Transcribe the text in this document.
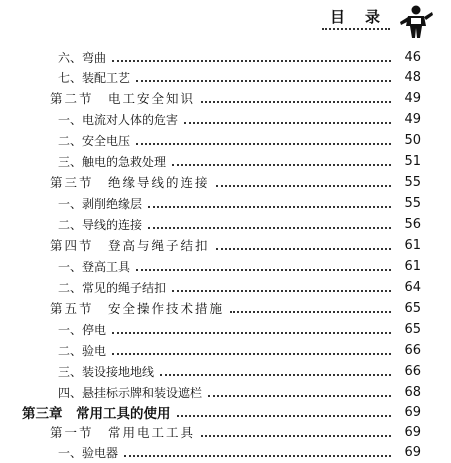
目录
六、弯曲	46
七、装配工艺	48
第二节　电工安全知识	49
一、电流对人体的危害	49
二、安全电压	50
三、触电的急救处理	51
第三节　绝缘导线的连接	55
一、剥削绝缘层	55
二、导线的连接	56
第四节　登高与绳子结扣	61
一、登高工具	61
二、常见的绳子结扣	64
第五节　安全操作技术措施	65
一、停电	65
二、验电	66
三、装设接地地线	66
四、悬挂标示牌和装设遮栏	68
第三章　常用工具的使用	69
第一节　常用电工工具	69
一、验电器	69
